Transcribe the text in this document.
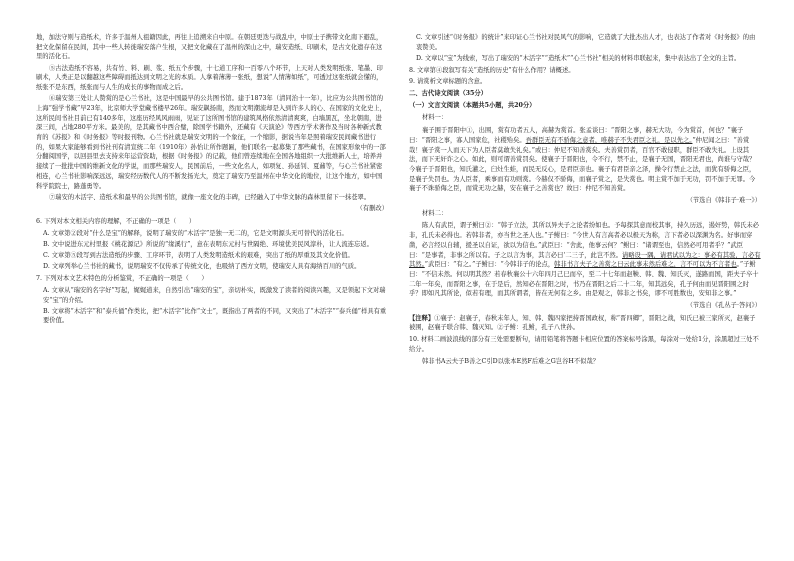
地，加法守则与造纸术，许多于温州人祖籍因此，再往上追溯来自中原。在朝廷更迭与战乱中，中原士子携带文化南下避乱，把文化保留在民间，其中一些人转徙瑞安落户生根，又把文化藏在了温州的深山之中，瑞安造纸、印刷术，是古文化遗存在这里的活化石。

⑤古法造纸不容易，共有竹、料、刷、浆、纸五个步骤，十七道工序和一百零八个环节，上天对人类发明纸张、笔墨、印刷术，人类正是以翻越这些障碍而抵达到文明之光的本质。人拿着薄薄一张纸，想说“人情薄如纸”，可透过这张纸就会懂的，纸张不是东西，纸张而与人生的成长的事物而成之后。

⑥瑞安第三处让人赞赏的是心兰书社，这是中国最早的公共图书馆。建于1873年（清同治十一年），比应为公共图书馆的上海“强学书藏”早23年，比京师大学堂藏书楼早26年。瑞安飙扬南，然而文明潮流却是入到许多人的心、在国家的文化史上，这所民间书社目前已有140多年，这座历经风风雨雨，见证了这所图书馆的建筑风格依然清清爽爽，白墙黑瓦，坐北朝南，进深三间，占地280平方米。最美的，是其藏书中西合璧，除国学书籍外，还藏有《天演论》等西方学术著作及当时各种新式教育的《苏报》和《时务报》等时报刊物。心兰书社就是瑞安文明的一个象征，一个缩影，据说当年是照着瑞安民间藏书进行的，如果大家能够看到书社刊有清宣统二年（1910年）孙怡让所作题匾，他们联名一起募集了那些藏书，在国家形象中的一部分翻阅国学，以回县里去支持来年运营资助，根据《时务报》的记载，他们曾连续地在全国各地组织一大批维新人士，培养并接续了一批批中国的维新文化的学说，而那些瑞安人，民国前后，一些文化名人，如项复、孙延钊、夏鼐等，与心兰书社紧密相连，心兰书社影响深远远，瑞安经历数代人的不断发扬光大，奠定了瑞安乃至温州在中华文化的地位，让这个地方，如中国科学院院士，路蓬勇等。

⑦瑞安的木活字、造纸术和最早的公共图书馆，就像一座文化的丰碑，已经融入了中华文脉的森林里留下一抹苍翠。

（有删改）

6. 下列对本文相关内容的理解，不正确的一项是（　　）

A. 文章第②段对“什么是宝”的解释，说明了瑞安的“木活字”是独一无二的，它是文明源头无可替代的活化石。

B. 文中说进东元村里报《桃花源记》所说的“缘溪行”，意在表明东元村与世隔绝、环境优美民风淳朴，让人流连忘返。

C. 文章第⑤段写到古法造纸的步骤、工序环节，表明了人类发明造纸术的艰难，突出了纸的厚重及其文化价值。

D. 文章列举心兰书社的藏书，说明瑞安不仅传承了传统文化，也吸纳了西方文明，使瑞安人具有海纳百川的气质。

7. 下列对本文艺术特色的分析鉴赏，不正确的一项是（　　）

A. 文章从“瑞安的名字好”写起，娓娓道来，自然引出“瑞安的宝”，亲切朴实，既激发了读者的阅读兴趣，又是领起下文对瑞安“宝”的介绍。

B. 文章将“木活字”和“泰兵俑”作类比，把“木活字”比作“文士”，既指出了两者的不同，又突出了“木活字”“泰兵俑”样具有重要价值。

C. 文章引述“《时务报》的统计”来印证心兰书社对民风气的影响，它造就了大批杰出人才，也表达了作者对《时务报》的由衷赞美。

D. 文章以“宝”为线索，写出了瑞安的“木活字”“造纸术”“心兰书社”相关的材料串联起来，集中表达出了全文的主旨。

8. 文章第④段叙写有关“造纸的历史”有什么作用？请概述。

9. 请赏析文章标题的含意。

二、古代诗文阅读（35分）

（一）文言文阅读（本题共5小题，共20分）

材料一：

襄子围于晋阳中①，出围，赏有功者五人，高赫为赏首。张孟谈曰：“晋阳之事，赫无大功，今为赏首，何也？”襄子曰：“晋阳之事，寡人国家危，社稷殆矣。吾群臣无有不骄侮之意者，唯赫子不失君臣之礼，是以先之。”仲尼闻之曰：“善赏哉！襄子赏一人而天下为人臣者莫敢失礼矣。”或曰：仲尼不知善赏矣。夫善赏罚者，百官不敢侵职，群臣不敢失礼。上设其法，而下无奸诈之心。如此，则可谓善赏罚矣。使襄子于晋阳也，令不行，禁不止，是襄子无国，晋阳无君也，尚谁与守哉？今襄子于晋阳也，知氏灌之，臼灶生蛙，而民无反心，是君臣亲也。襄子有君臣亲之泽，操令行禁止之法，而犹有骄侮之臣，是襄子失罚也。为人臣者，乘事而有功则赏。今赫仅不骄侮，而襄子赏之，是失赏也。明主赏不加于无功，罚不加于无罪。今襄子不诛骄侮之臣，而赏无功之赫，安在襄子之善赏也？故曰：仲尼不知善赏。

（节选自《韩非子·难一》）

材料二：

陈人有武臣，谓子鲋曰②：“韩子立法，其所以异夫子之论者纷如也。予每探其意而校其事，持久历远，遏奸势，韩氏未必非，孔氏未必得也。若韩非者，亦当世之圣人也。”子鲋曰：“今世人有言高者必以极天为称，言下者必以深渊为名。好事而穿凿，必言经以自辅，援圣以自证，欲以为信也。”武臣曰：“舍此，他事云何？”鲋曰：“诸谓至也，信然必可用者乎？”武臣曰：“是事者，非事之所以有。子之以言为事，其言必曰‘二三子，此岂不然。请略设一隅，请君试以为之：事必有其验，言必有其然。”武臣曰：“有之。”子鲋曰：“今韩非子的论点，韩非书言夫子之善赏之曰云此事未然后难之，言不可以为不言者也。”子鲋曰：“不信未然。何以明其然？若春秋襄公十六年四月己巳而卒，至二十七年而赵鞅、韩、魏、知氏灭，遂路而国，距夫子卒十二年一年矣，而晋阳之事，在于是后，然知必在晋阳之时，书乃在晋阳之后二十二年，知其远矣，孔子何由而见晋阳围之时乎？即如凡其所论，似若有理，而其所谓者，皆在无何有之乡。由是观之，韩非之书矣，谬不可胜数也，安知非之事。”

（节选自《孔丛子·答问》）

【注释】①襄子：赵襄子，春秋末年人，知、韩、魏四家把持晋国政权，称“晋四卿”，晋阳之战，知氏已被三家所灭，赵襄子被围，赵襄子联合韩、魏灭知。②子鲋：孔鲋，孔子八世孙。

10. 材料二画波浪线的部分有三处需要断句，请用铅笔将答题卡相应位置的答案标号涂黑，每涂对一处给1分，涂黑超过三处不给分。

韩非书A云夫子B善之C引D以张本E然F后难之G岂谷H不似哉？
